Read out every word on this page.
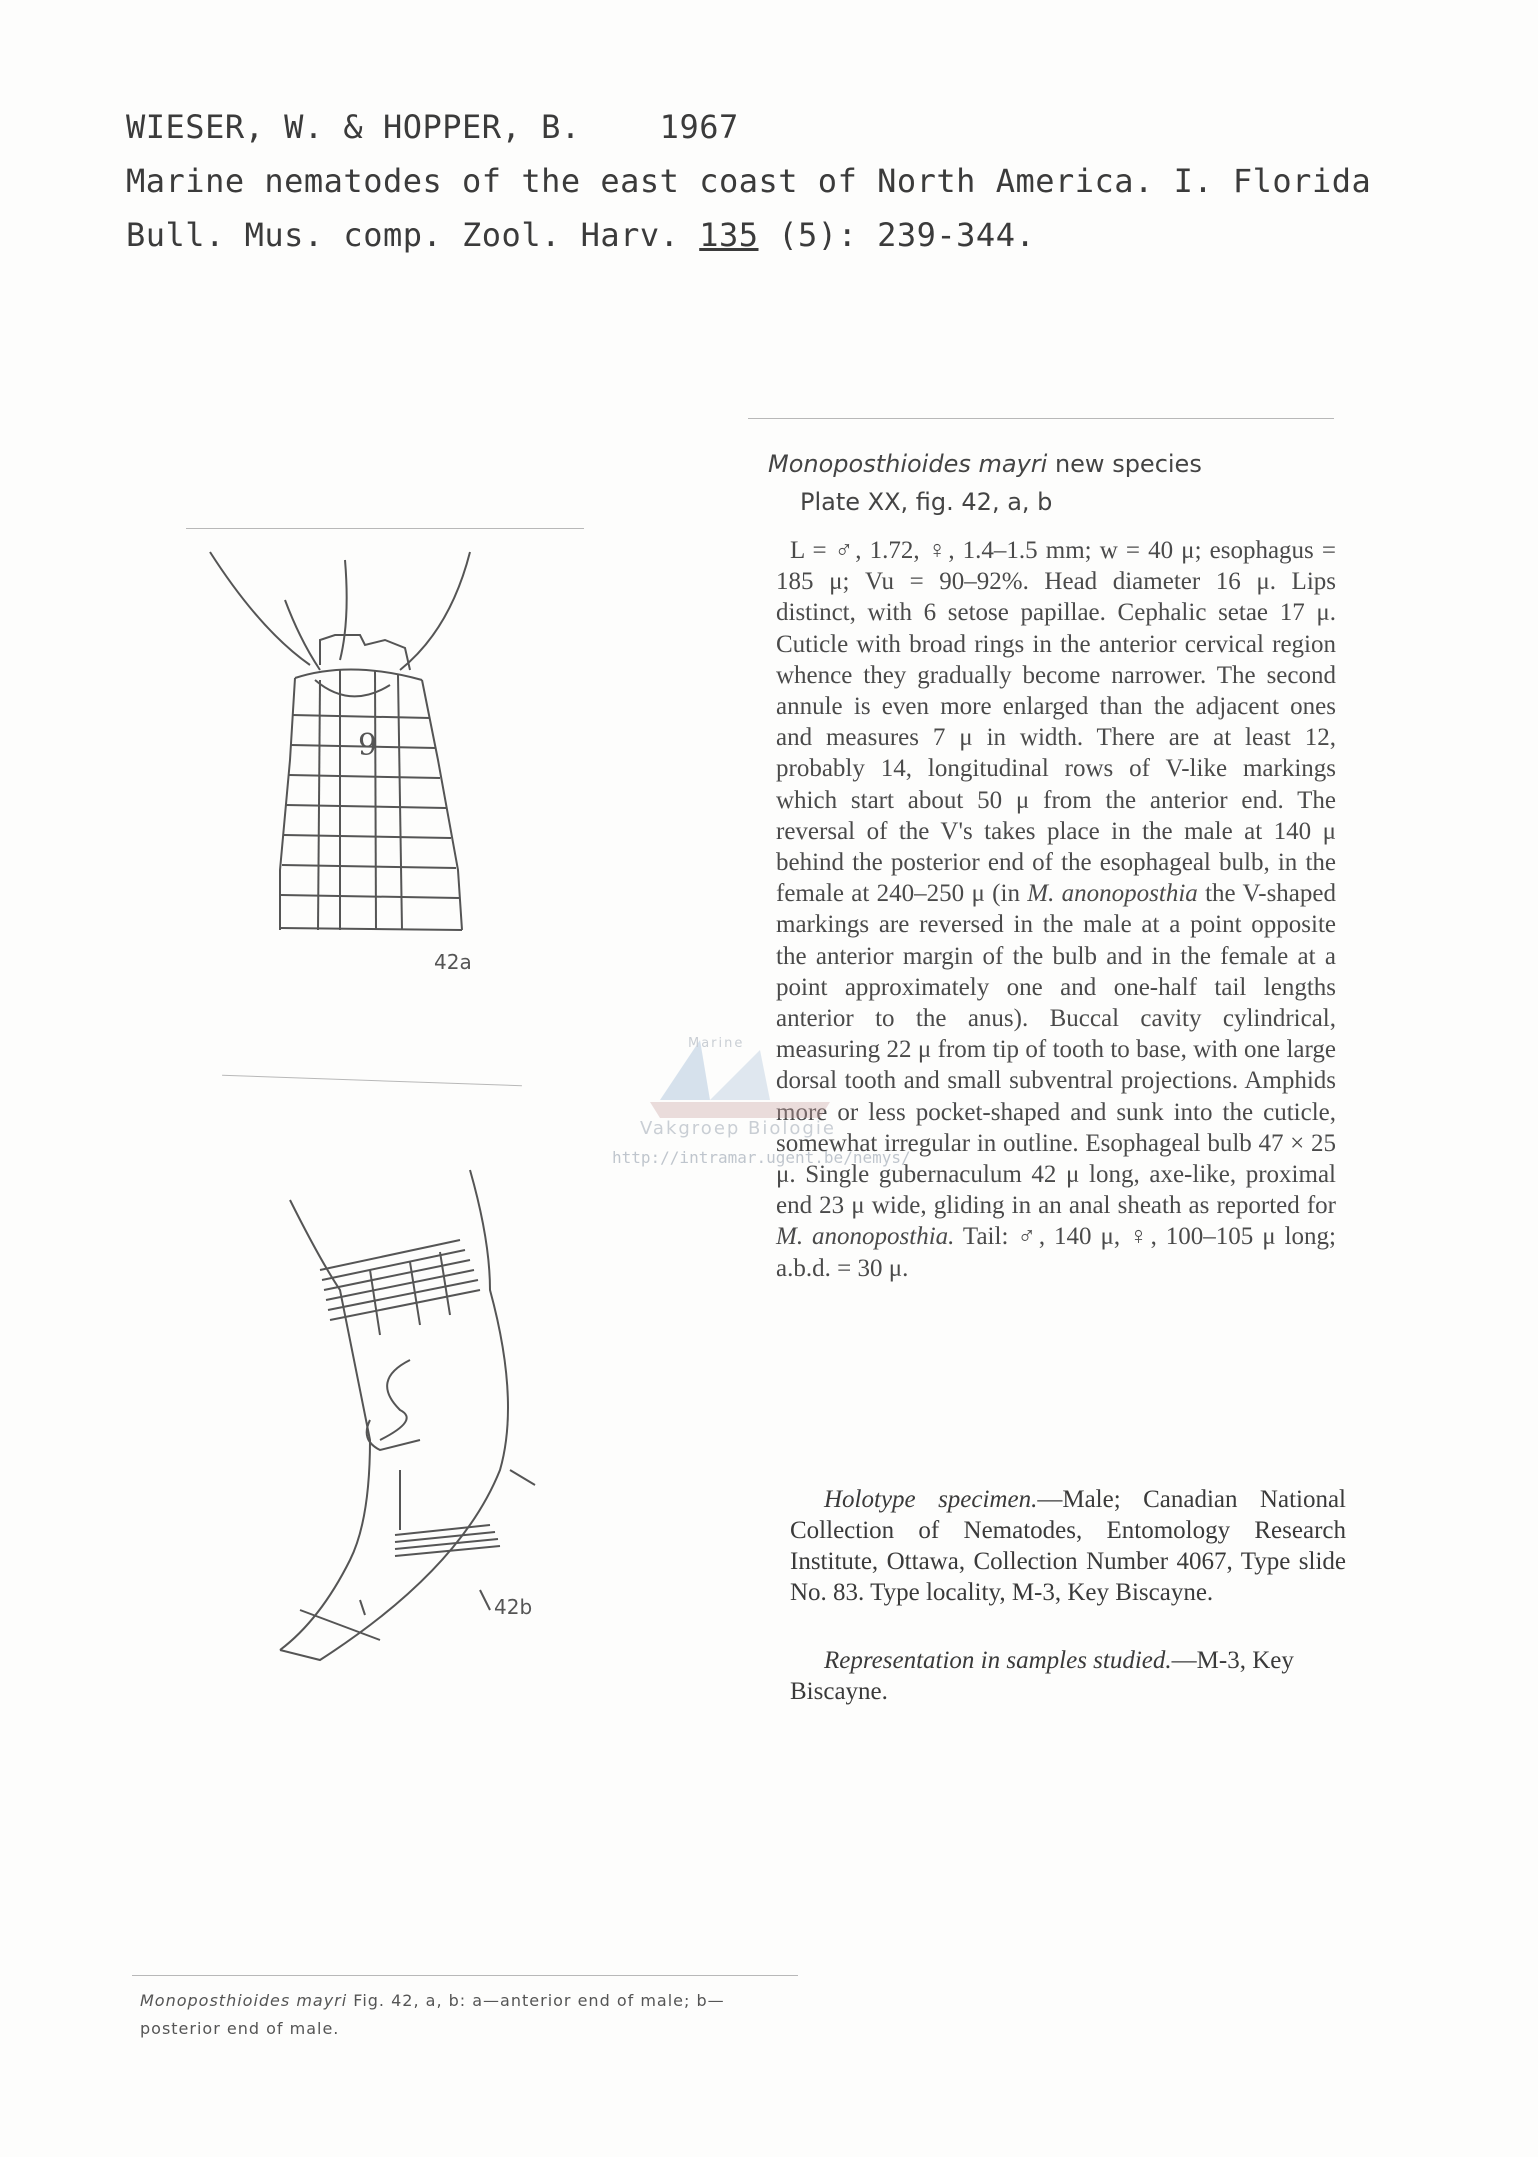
WIESER, W. & HOPPER, B.    1967
Marine nematodes of the east coast of North America. I. Florida
Bull. Mus. comp. Zool. Harv. 135 (5): 239-344.
Monoposthioides mayri new species
Plate XX, fig. 42, a, b
L = ♂, 1.72, ♀, 1.4–1.5 mm; w = 40 μ; esophagus = 185 μ; Vu = 90–92%. Head diameter 16 μ. Lips distinct, with 6 setose papillae. Cephalic setae 17 μ. Cuticle with broad rings in the anterior cervical region whence they gradually become narrower. The second annule is even more enlarged than the adjacent ones and measures 7 μ in width. There are at least 12, probably 14, longitudinal rows of V-like markings which start about 50 μ from the anterior end. The reversal of the V's takes place in the male at 140 μ behind the posterior end of the esophageal bulb, in the female at 240–250 μ (in M. anonoposthia the V-shaped markings are reversed in the male at a point opposite the anterior margin of the bulb and in the female at a point approximately one and one-half tail lengths anterior to the anus). Buccal cavity cylindrical, measuring 22 μ from tip of tooth to base, with one large dorsal tooth and small subventral projections. Amphids more or less pocket-shaped and sunk into the cuticle, somewhat irregular in outline. Esophageal bulb 47 × 25 μ. Single gubernaculum 42 μ long, axe-like, proximal end 23 μ wide, gliding in an anal sheath as reported for M. anonoposthia. Tail: ♂, 140 μ, ♀, 100–105 μ long; a.b.d. = 30 μ.
Holotype specimen.—Male; Canadian National Collection of Nematodes, Entomology Research Institute, Ottawa, Collection Number 4067, Type slide No. 83. Type locality, M-3, Key Biscayne.
Representation in samples studied.—M-3, Key Biscayne.
9
42a
42b
Marine
Vakgroep Biologie
http://intramar.ugent.be/nemys/
Monoposthioides mayri Fig. 42, a, b: a—anterior end of male; b—posterior end of male.
